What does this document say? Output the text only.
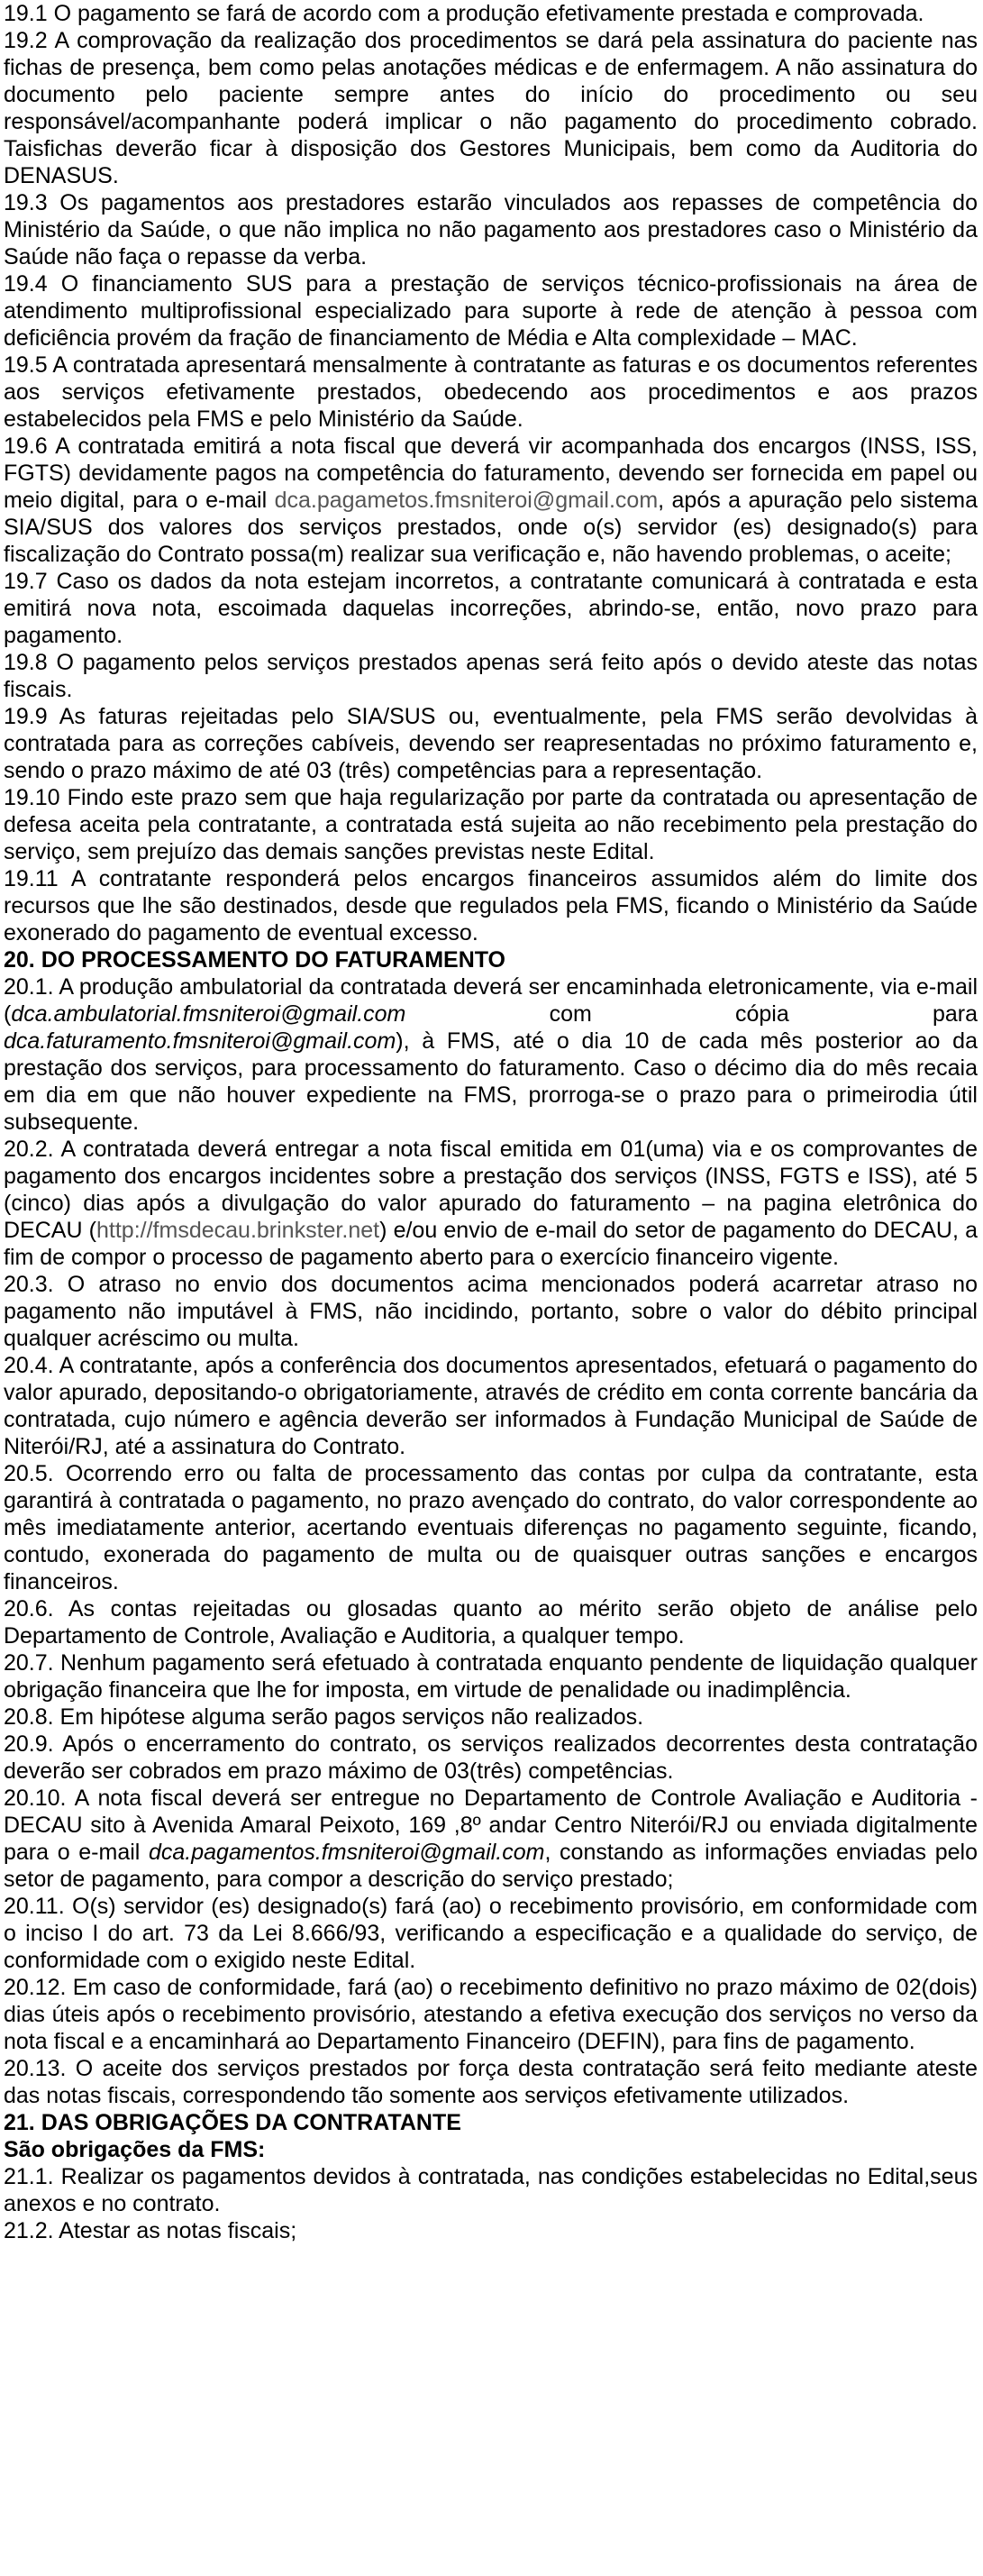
19.1 O pagamento se fará de acordo com a produção efetivamente prestada e comprovada.

19.2 A comprovação da realização dos procedimentos se dará pela assinatura do paciente nas fichas de presença, bem como pelas anotações médicas e de enfermagem. A não assinatura do documento pelo paciente sempre antes do início do procedimento ou seu responsável/acompanhante poderá implicar o não pagamento do procedimento cobrado. Taisfichas deverão ficar à disposição dos Gestores Municipais, bem como da Auditoria do DENASUS.

19.3 Os pagamentos aos prestadores estarão vinculados aos repasses de competência do Ministério da Saúde, o que não implica no não pagamento aos prestadores caso o Ministério da Saúde não faça o repasse da verba.

19.4 O financiamento SUS para a prestação de serviços técnico-profissionais na área de atendimento multiprofissional especializado para suporte à rede de atenção à pessoa com deficiência provém da fração de financiamento de Média e Alta complexidade – MAC.

19.5 A contratada apresentará mensalmente à contratante as faturas e os documentos referentes aos serviços efetivamente prestados, obedecendo aos procedimentos e aos prazos estabelecidos pela FMS e pelo Ministério da Saúde.

19.6 A contratada emitirá a nota fiscal que deverá vir acompanhada dos encargos (INSS, ISS, FGTS) devidamente pagos na competência do faturamento, devendo ser fornecida em papel ou meio digital, para o e-mail dca.pagametos.fmsniteroi@gmail.com, após a apuração pelo sistema SIA/SUS dos valores dos serviços prestados, onde o(s) servidor (es) designado(s) para fiscalização do Contrato possa(m) realizar sua verificação e, não havendo problemas, o aceite;

19.7 Caso os dados da nota estejam incorretos, a contratante comunicará à contratada e esta emitirá nova nota, escoimada daquelas incorreções, abrindo-se, então, novo prazo para pagamento.

19.8 O pagamento pelos serviços prestados apenas será feito após o devido ateste das notas fiscais.

19.9 As faturas rejeitadas pelo SIA/SUS ou, eventualmente, pela FMS serão devolvidas à contratada para as correções cabíveis, devendo ser reapresentadas no próximo faturamento e, sendo o prazo máximo de até 03 (três) competências para a representação.

19.10 Findo este prazo sem que haja regularização por parte da contratada ou apresentação de defesa aceita pela contratante, a contratada está sujeita ao não recebimento pela prestação do serviço, sem prejuízo das demais sanções previstas neste Edital.

19.11 A contratante responderá pelos encargos financeiros assumidos além do limite dos recursos que lhe são destinados, desde que regulados pela FMS, ficando o Ministério da Saúde exonerado do pagamento de eventual excesso.

20. DO PROCESSAMENTO DO FATURAMENTO

20.1. A produção ambulatorial da contratada deverá ser encaminhada eletronicamente, via e-mail (dca.ambulatorial.fmsniteroi@gmail.com com cópia para dca.faturamento.fmsniteroi@gmail.com), à FMS, até o dia 10 de cada mês posterior ao da prestação dos serviços, para processamento do faturamento. Caso o décimo dia do mês recaia em dia em que não houver expediente na FMS, prorroga-se o prazo para o primeirodia útil subsequente.

20.2. A contratada deverá entregar a nota fiscal emitida em 01(uma) via e os comprovantes de pagamento dos encargos incidentes sobre a prestação dos serviços (INSS, FGTS e ISS), até 5 (cinco) dias após a divulgação do valor apurado do faturamento – na pagina eletrônica do DECAU (http://fmsdecau.brinkster.net) e/ou envio de e-mail do setor de pagamento do DECAU, a fim de compor o processo de pagamento aberto para o exercício financeiro vigente.

20.3. O atraso no envio dos documentos acima mencionados poderá acarretar atraso no pagamento não imputável à FMS, não incidindo, portanto, sobre o valor do débito principal qualquer acréscimo ou multa.

20.4. A contratante, após a conferência dos documentos apresentados, efetuará o pagamento do valor apurado, depositando-o obrigatoriamente, através de crédito em conta corrente bancária da contratada, cujo número e agência deverão ser informados à Fundação Municipal de Saúde de Niterói/RJ, até a assinatura do Contrato.

20.5. Ocorrendo erro ou falta de processamento das contas por culpa da contratante, esta garantirá à contratada o pagamento, no prazo avençado do contrato, do valor correspondente ao mês imediatamente anterior, acertando eventuais diferenças no pagamento seguinte, ficando, contudo, exonerada do pagamento de multa ou de quaisquer outras sanções e encargos financeiros.

20.6. As contas rejeitadas ou glosadas quanto ao mérito serão objeto de análise pelo Departamento de Controle, Avaliação e Auditoria, a qualquer tempo.

20.7. Nenhum pagamento será efetuado à contratada enquanto pendente de liquidação qualquer obrigação financeira que lhe for imposta, em virtude de penalidade ou inadimplência.

20.8. Em hipótese alguma serão pagos serviços não realizados.

20.9. Após o encerramento do contrato, os serviços realizados decorrentes desta contratação deverão ser cobrados em prazo máximo de 03(três) competências.

20.10. A nota fiscal deverá ser entregue no Departamento de Controle Avaliação e Auditoria - DECAU sito à Avenida Amaral Peixoto, 169 ,8º andar Centro Niterói/RJ ou enviada digitalmente para o e-mail dca.pagamentos.fmsniteroi@gmail.com, constando as informações enviadas pelo setor de pagamento, para compor a descrição do serviço prestado;

20.11. O(s) servidor (es) designado(s) fará (ao) o recebimento provisório, em conformidade com o inciso I do art. 73 da Lei 8.666/93, verificando a especificação e a qualidade do serviço, de conformidade com o exigido neste Edital.

20.12. Em caso de conformidade, fará (ao) o recebimento definitivo no prazo máximo de 02(dois) dias úteis após o recebimento provisório, atestando a efetiva execução dos serviços no verso da nota fiscal e a encaminhará ao Departamento Financeiro (DEFIN), para fins de pagamento.

20.13. O aceite dos serviços prestados por força desta contratação será feito mediante ateste das notas fiscais, correspondendo tão somente aos serviços efetivamente utilizados.

21. DAS OBRIGAÇÕES DA CONTRATANTE

São obrigações da FMS:

21.1. Realizar os pagamentos devidos à contratada, nas condições estabelecidas no Edital,seus anexos e no contrato.

21.2. Atestar as notas fiscais;
